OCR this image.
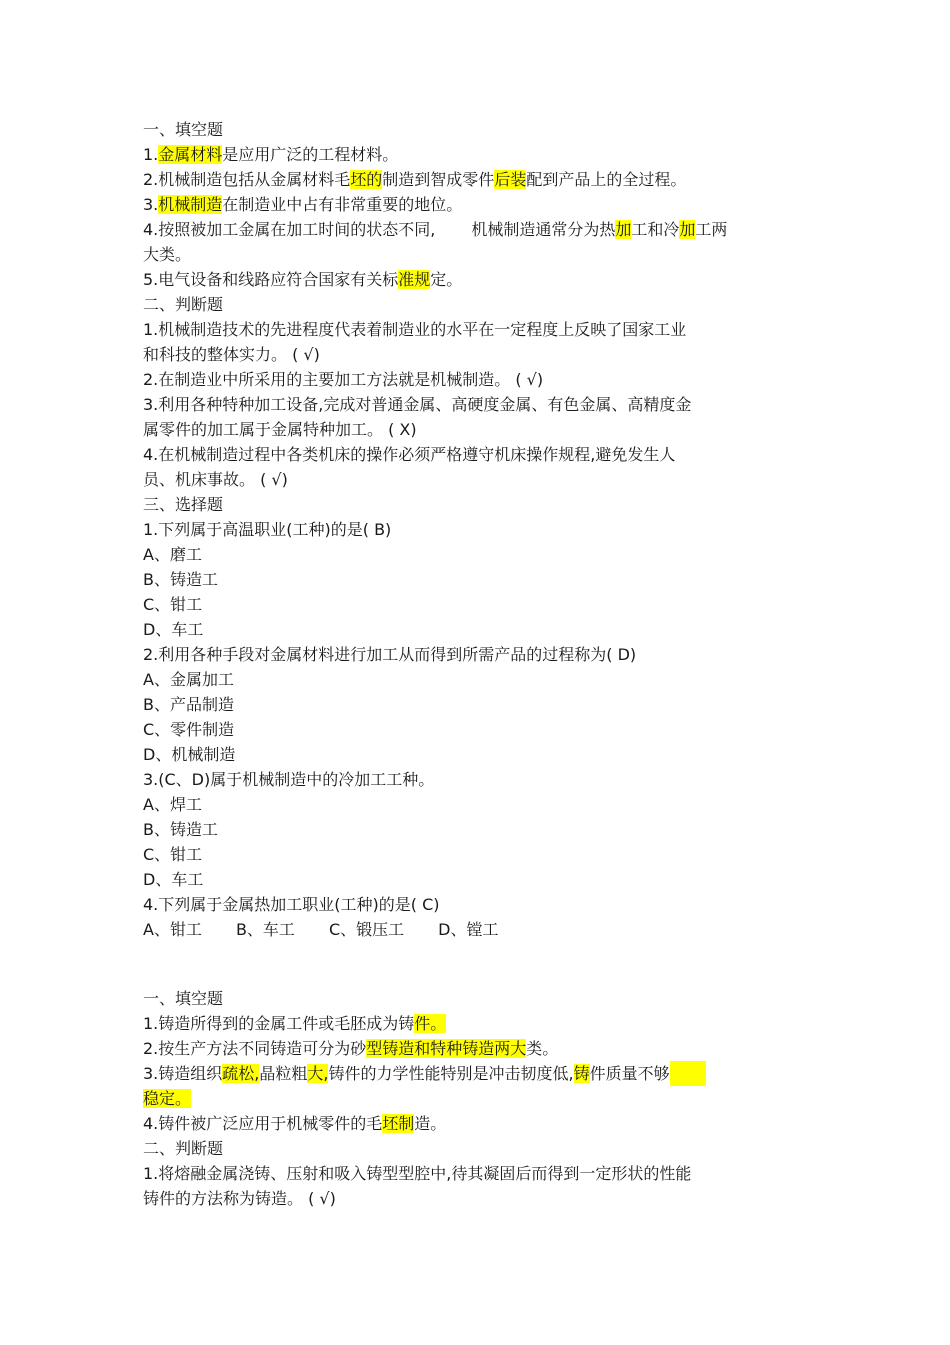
一、填空题
1.金属材料是应用广泛的工程材料。
2.机械制造包括从金属材料毛坯的制造到智成零件后装配到产品上的全过程。
3.机械制造在制造业中占有非常重要的地位。
4.按照被加工金属在加工时间的状态不同, 机械制造通常分为热加工和冷加工两
大类。
5.电气设备和线路应符合国家有关标准规定。
二、判断题
1.机械制造技术的先进程度代表着制造业的水平在一定程度上反映了国家工业
和科技的整体实力。 ( √)
2.在制造业中所采用的主要加工方法就是机械制造。 ( √)
3.利用各种特种加工设备,完成对普通金属、高硬度金属、有色金属、高精度金
属零件的加工属于金属特种加工。 ( X)
4.在机械制造过程中各类机床的操作必须严格遵守机床操作规程,避免发生人
员、机床事故。 ( √)
三、选择题
1.下列属于高温职业(工种)的是( B)
A、磨工
B、铸造工
C、钳工
D、车工
2.利用各种手段对金属材料进行加工从而得到所需产品的过程称为( D)
A、金属加工
B、产品制造
C、零件制造
D、机械制造
3.(C、D)属于机械制造中的冷加工工种。
A、焊工
B、铸造工
C、钳工
D、车工
4.下列属于金属热加工职业(工种)的是( C)
A、钳工 B、车工 C、锻压工 D、镗工
一、填空题
1.铸造所得到的金属工件或毛胚成为铸件。
2.按生产方法不同铸造可分为砂型铸造和特种铸造两大类。
3.铸造组织疏松,晶粒粗大,铸件的力学性能特别是冲击韧度低,铸件质量不够
稳定。
4.铸件被广泛应用于机械零件的毛坯制造。
二、判断题
1.将熔融金属浇铸、压射和吸入铸型型腔中,待其凝固后而得到一定形状的性能
铸件的方法称为铸造。 ( √)
